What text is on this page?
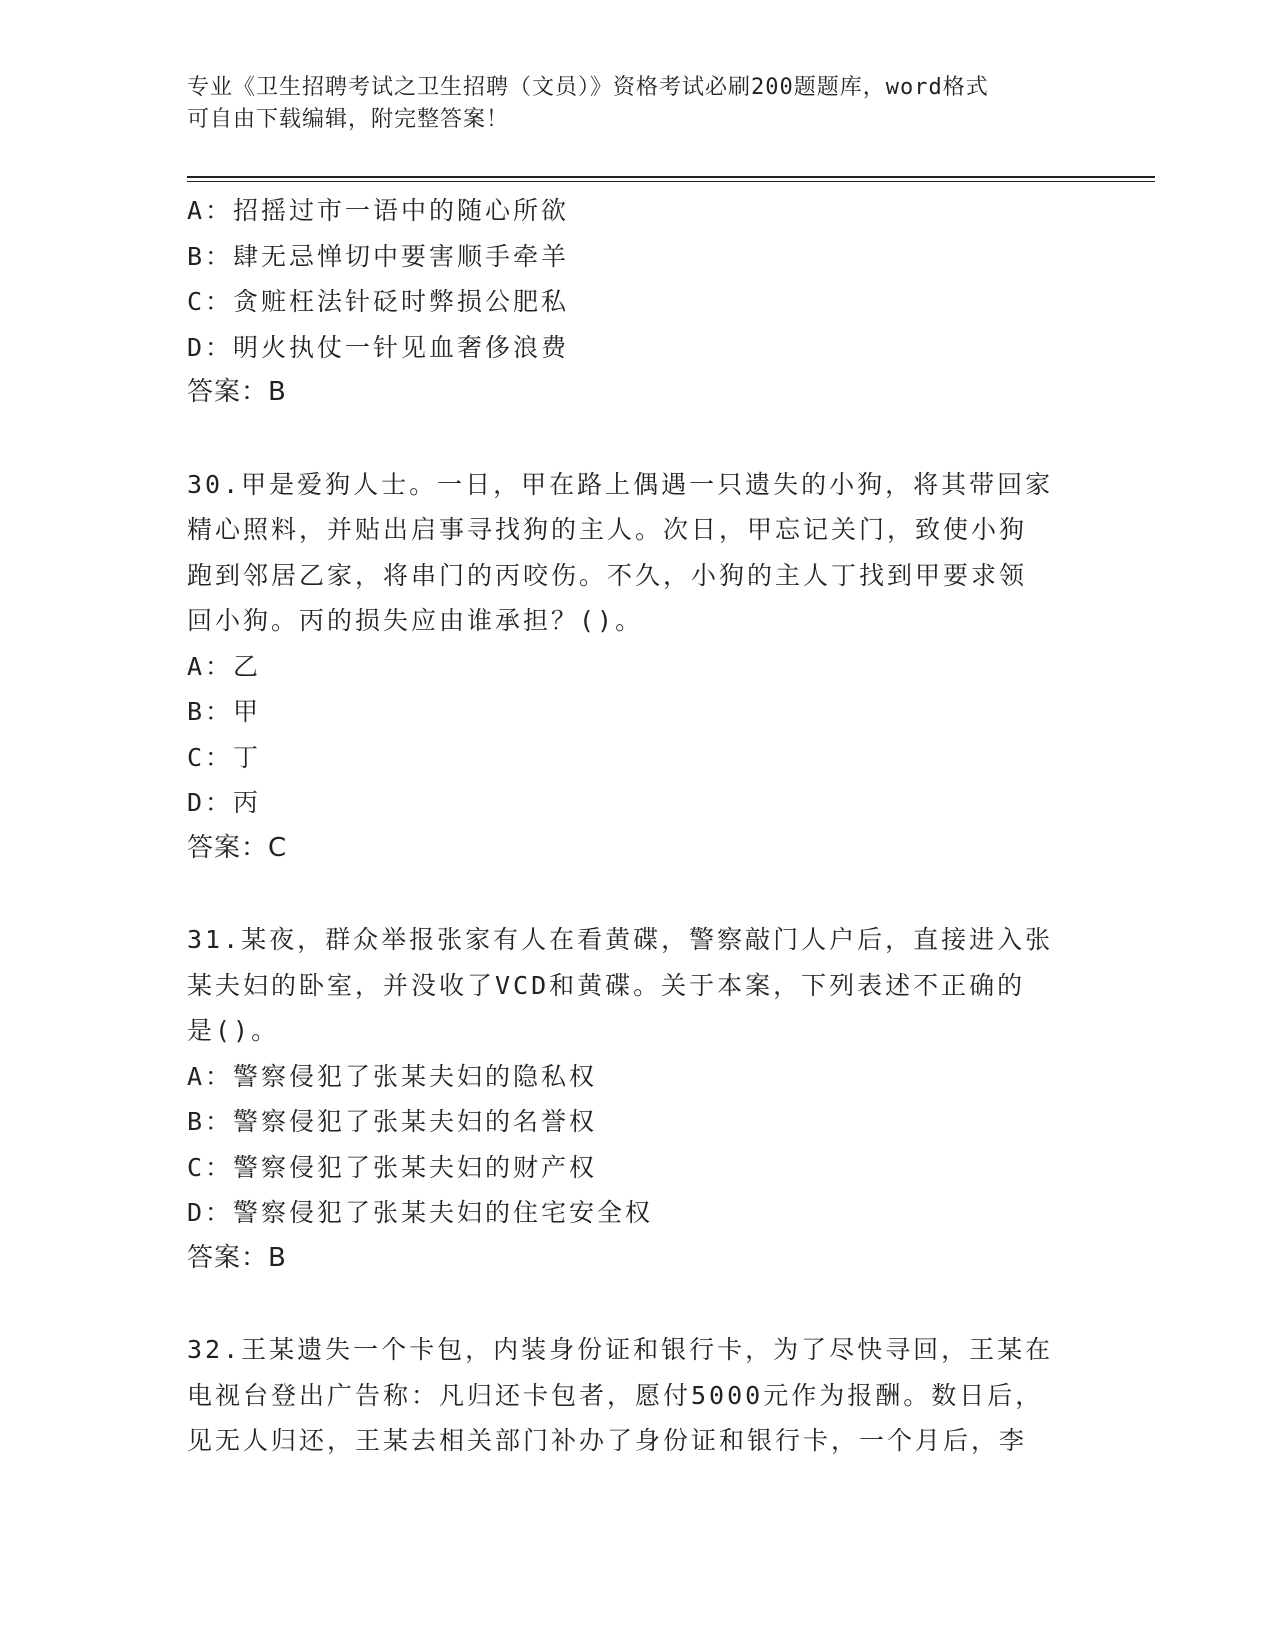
专业《卫生招聘考试之卫生招聘（文员）》资格考试必刷200题题库，word格式
可自由下载编辑，附完整答案！
A：招摇过市一语中的随心所欲
B：肆无忌惮切中要害顺手牵羊
C：贪赃枉法针砭时弊损公肥私
D：明火执仗一针见血奢侈浪费
答案：B
30.甲是爱狗人士。一日，甲在路上偶遇一只遗失的小狗，将其带回家
精心照料，并贴出启事寻找狗的主人。次日，甲忘记关门，致使小狗
跑到邻居乙家，将串门的丙咬伤。不久，小狗的主人丁找到甲要求领
回小狗。丙的损失应由谁承担？()。
A：乙
B：甲
C：丁
D：丙
答案：C
31.某夜，群众举报张家有人在看黄碟，警察敲门人户后，直接进入张
某夫妇的卧室，并没收了VCD和黄碟。关于本案，下列表述不正确的
是()。
A：警察侵犯了张某夫妇的隐私权
B：警察侵犯了张某夫妇的名誉权
C：警察侵犯了张某夫妇的财产权
D：警察侵犯了张某夫妇的住宅安全权
答案：B
32.王某遗失一个卡包，内装身份证和银行卡，为了尽快寻回，王某在
电视台登出广告称：凡归还卡包者，愿付5000元作为报酬。数日后，
见无人归还，王某去相关部门补办了身份证和银行卡，一个月后，李
